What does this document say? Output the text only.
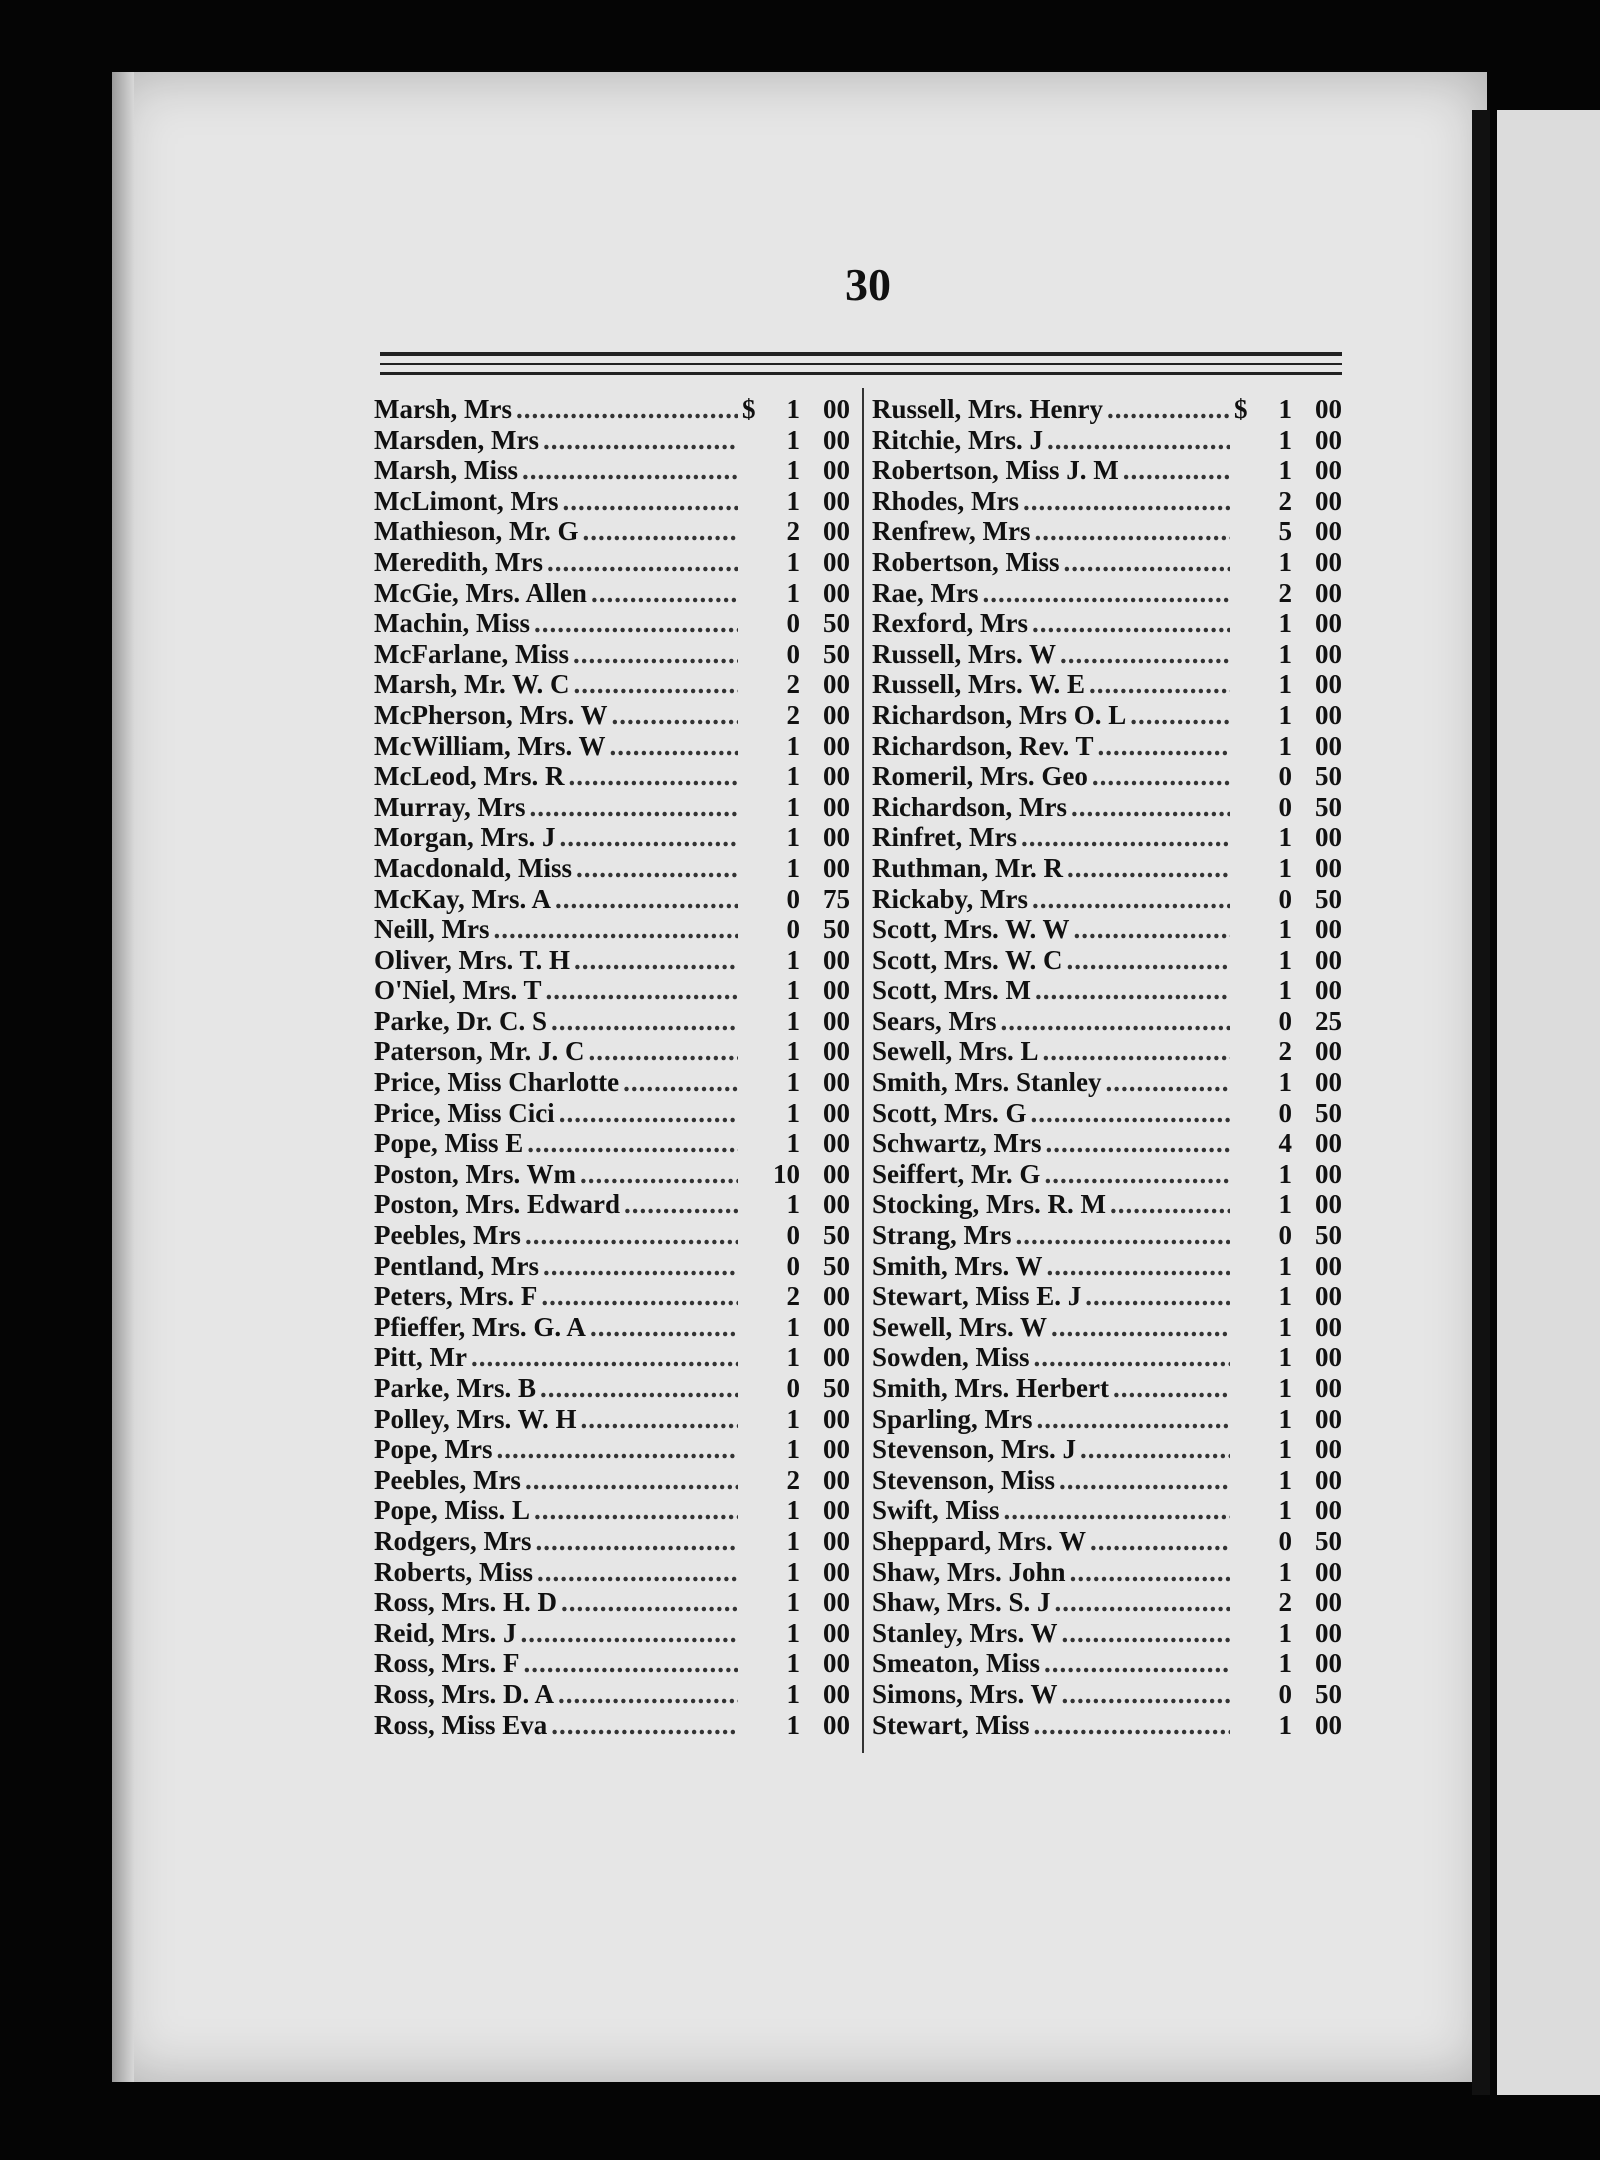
30
Marsh, Mrs .....	$	1 00
Marsden, Mrs .....	1 00
Marsh, Miss .....	1 00
McLimont, Mrs .....	1 00
Mathieson, Mr. G .....	2 00
Meredith, Mrs .....	1 00
McGie, Mrs. Allen .....	1 00
Machin, Miss .....	0 50
McFarlane, Miss .....	0 50
Marsh, Mr. W. C .....	2 00
McPherson, Mrs. W .....	2 00
McWilliam, Mrs. W .....	1 00
McLeod, Mrs. R .....	1 00
Murray, Mrs .....	1 00
Morgan, Mrs. J .....	1 00
Macdonald, Miss .....	1 00
McKay, Mrs. A .....	0 75
Neill, Mrs .....	0 50
Oliver, Mrs. T. H .....	1 00
O'Niel, Mrs. T .....	1 00
Parke, Dr. C. S .....	1 00
Paterson, Mr. J. C .....	1 00
Price, Miss Charlotte .....	1 00
Price, Miss Cici .....	1 00
Pope, Miss E .....	1 00
Poston, Mrs. Wm .....	10 00
Poston, Mrs. Edward .....	1 00
Peebles, Mrs .....	0 50
Pentland, Mrs .....	0 50
Peters, Mrs. F .....	2 00
Pfieffer, Mrs. G. A .....	1 00
Pitt, Mr .....	1 00
Parke, Mrs. B .....	0 50
Polley, Mrs. W. H .....	1 00
Pope, Mrs .....	1 00
Peebles, Mrs .....	2 00
Pope, Miss. L .....	1 00
Rodgers, Mrs .....	1 00
Roberts, Miss .....	1 00
Ross, Mrs. H. D .....	1 00
Reid, Mrs. J .....	1 00
Ross, Mrs. F .....	1 00
Ross, Mrs. D. A .....	1 00
Ross, Miss Eva .....	1 00
Russell, Mrs. Henry .....	$	1 00
Ritchie, Mrs. J .....	1 00
Robertson, Miss J. M .....	1 00
Rhodes, Mrs .....	2 00
Renfrew, Mrs .....	5 00
Robertson, Miss .....	1 00
Rae, Mrs .....	2 00
Rexford, Mrs .....	1 00
Russell, Mrs. W .....	1 00
Russell, Mrs. W. E .....	1 00
Richardson, Mrs O. L .....	1 00
Richardson, Rev. T .....	1 00
Romeril, Mrs. Geo .....	0 50
Richardson, Mrs .....	0 50
Rinfret, Mrs .....	1 00
Ruthman, Mr. R .....	1 00
Rickaby, Mrs .....	0 50
Scott, Mrs. W. W .....	1 00
Scott, Mrs. W. C .....	1 00
Scott, Mrs. M .....	1 00
Sears, Mrs .....	0 25
Sewell, Mrs. L .....	2 00
Smith, Mrs. Stanley .....	1 00
Scott, Mrs. G .....	0 50
Schwartz, Mrs .....	4 00
Seiffert, Mr. G .....	1 00
Stocking, Mrs. R. M .....	1 00
Strang, Mrs .....	0 50
Smith, Mrs. W .....	1 00
Stewart, Miss E. J .....	1 00
Sewell, Mrs. W .....	1 00
Sowden, Miss .....	1 00
Smith, Mrs. Herbert .....	1 00
Sparling, Mrs .....	1 00
Stevenson, Mrs. J .....	1 00
Stevenson, Miss .....	1 00
Swift, Miss .....	1 00
Sheppard, Mrs. W .....	0 50
Shaw, Mrs. John .....	1 00
Shaw, Mrs. S. J .....	2 00
Stanley, Mrs. W .....	1 00
Smeaton, Miss .....	1 00
Simons, Mrs. W .....	0 50
Stewart, Miss .....	1 00
